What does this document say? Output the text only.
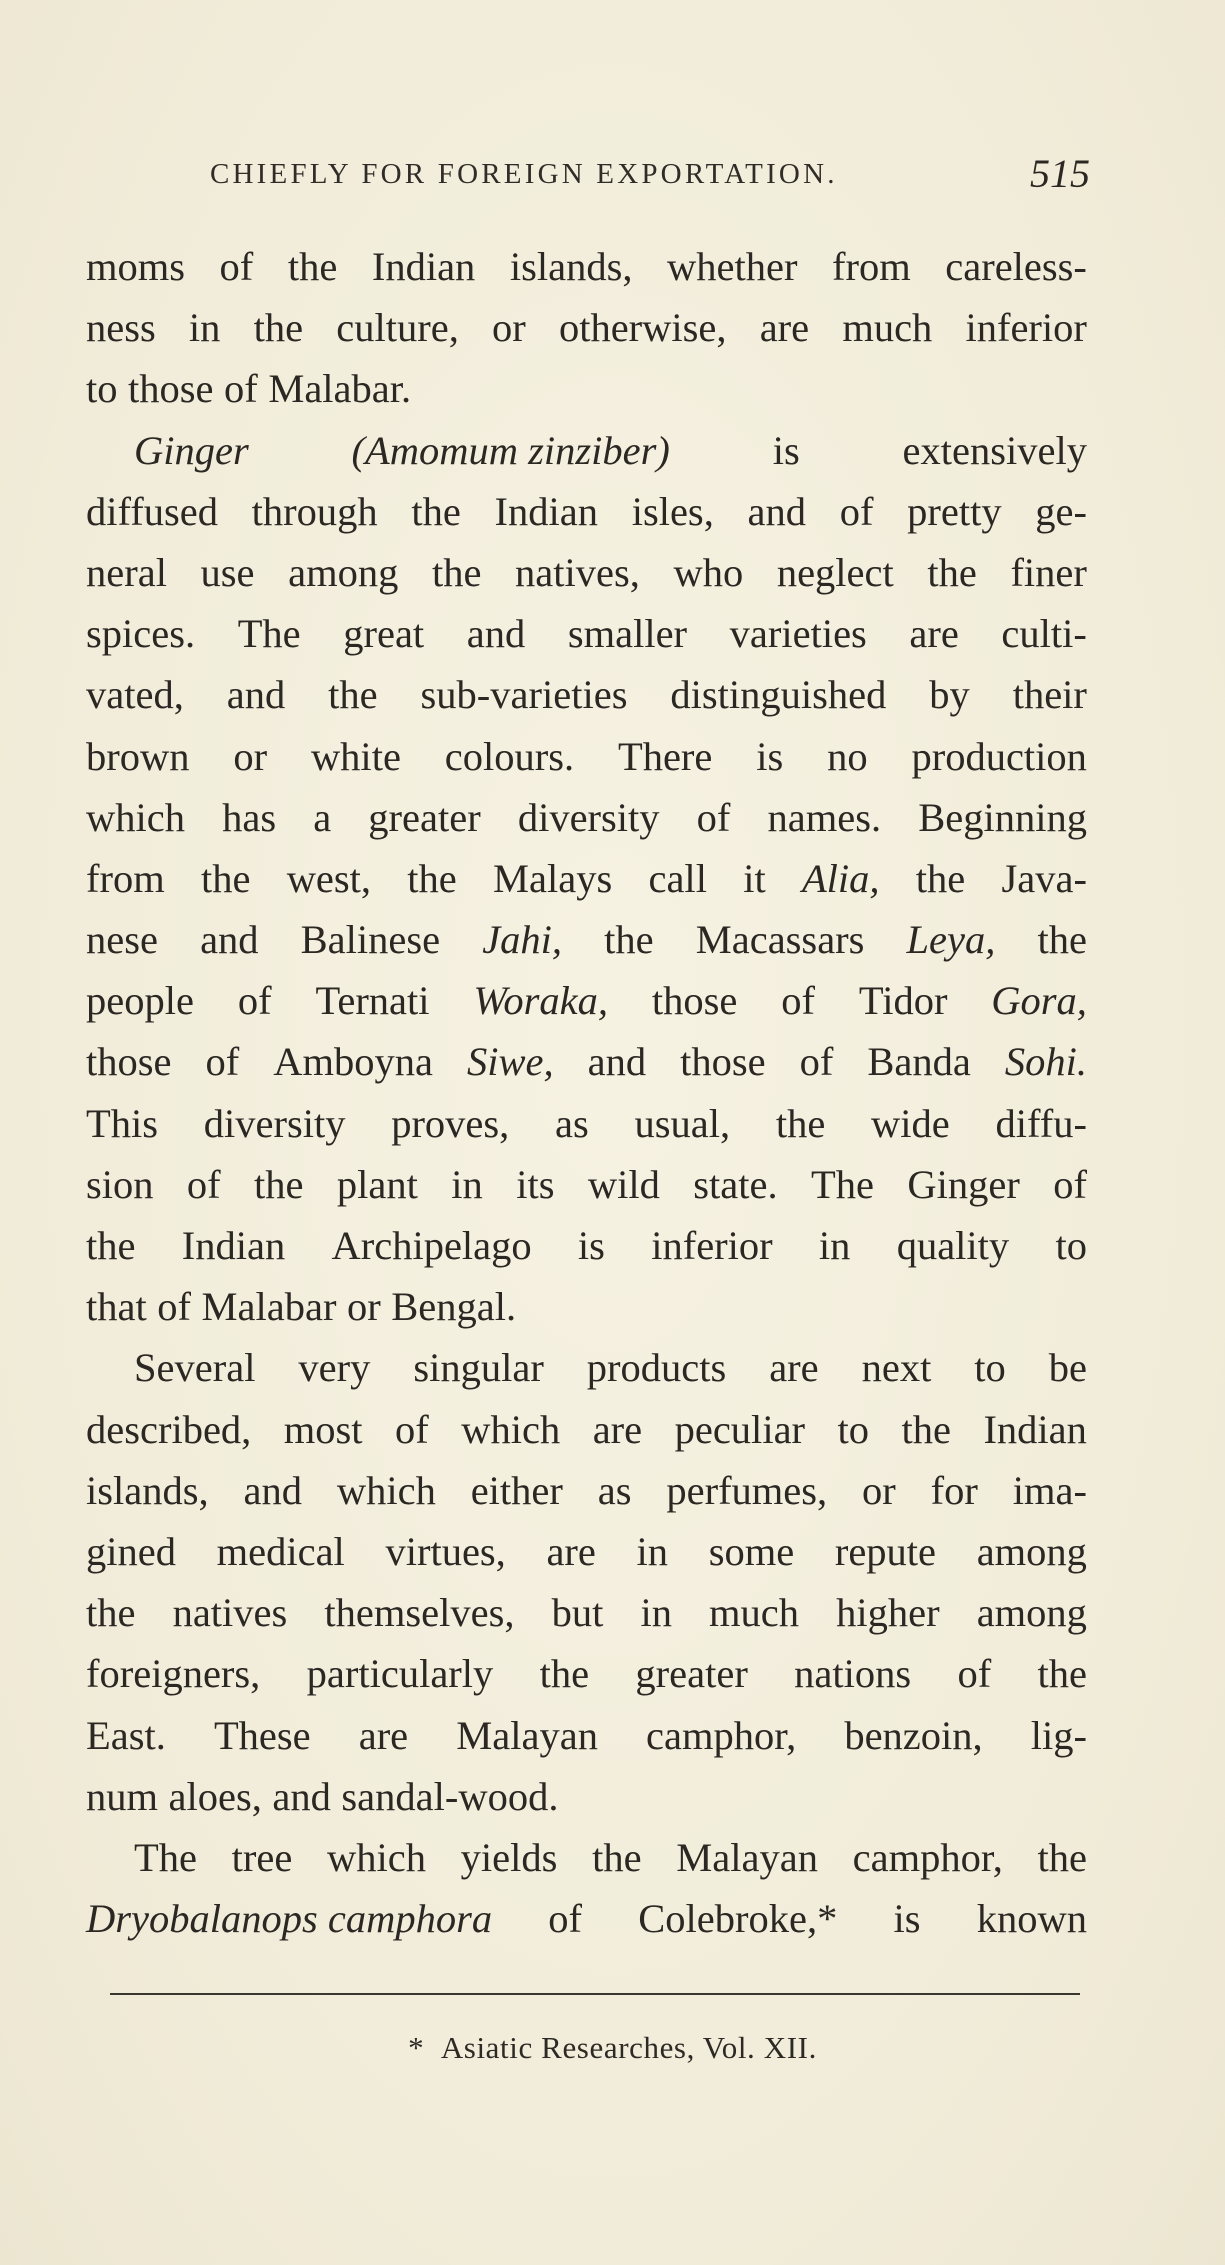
CHIEFLY FOR FOREIGN EXPORTATION.	515
moms of the Indian islands, whether from careless-
ness in the culture, or otherwise, are much inferior
to those of Malabar.
Ginger	(Amomum zinziber)	is	extensively
diffused through the Indian isles, and of pretty ge-
neral use among the natives, who neglect the finer
spices. The great and smaller varieties are culti-
vated, and the sub-varieties distinguished by their
brown or white colours. There is no production
which has a greater diversity of names. Beginning
from the west, the Malays call it Alia, the Java-
nese and Balinese Jahi, the Macassars Leya, the
people of Ternati Woraka, those of Tidor Gora,
those of Amboyna Siwe, and those of Banda Sohi.
This diversity proves, as usual, the wide diffu-
sion of the plant in its wild state. The Ginger of
the Indian Archipelago is inferior in quality to
that of Malabar or Bengal.
Several very singular products are next to be
described, most of which are peculiar to the Indian
islands, and which either as perfumes, or for ima-
gined medical virtues, are in some repute among
the natives themselves, but in much higher among
foreigners, particularly the greater nations of the
East. These are Malayan camphor, benzoin, lig-
num aloes, and sandal-wood.
The tree which yields the Malayan camphor, the
Dryobalanops camphora of Colebroke,* is known
* Asiatic Researches, Vol. XII.
